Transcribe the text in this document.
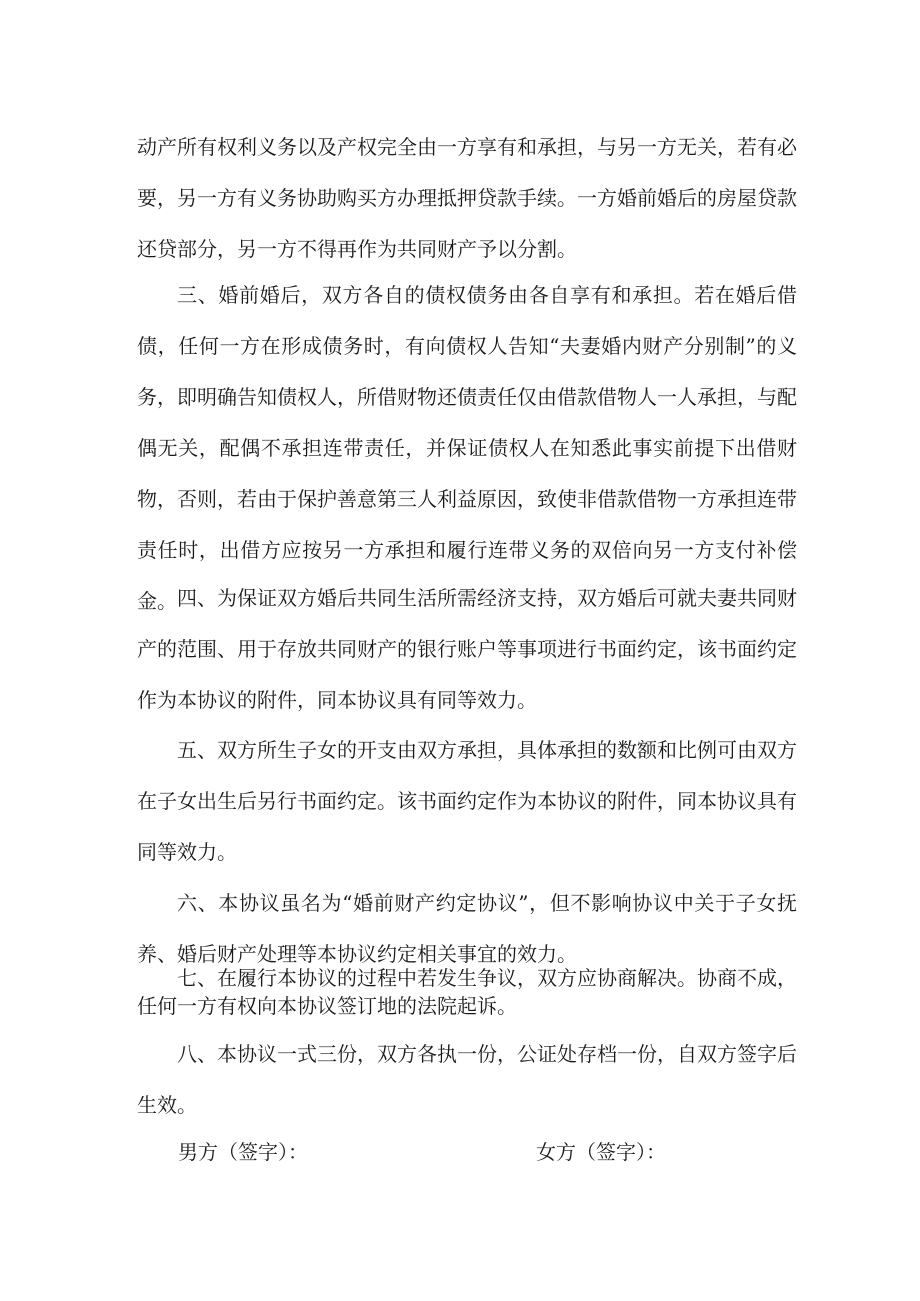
动产所有权利义务以及产权完全由一方享有和承担，与另一方无关，若有必要，另一方有义务协助购买方办理抵押贷款手续。一方婚前婚后的房屋贷款还贷部分，另一方不得再作为共同财产予以分割。

三、婚前婚后，双方各自的债权债务由各自享有和承担。若在婚后借债，任何一方在形成债务时，有向债权人告知“夫妻婚内财产分别制”的义务，即明确告知债权人，所借财物还债责任仅由借款借物人一人承担，与配偶无关，配偶不承担连带责任，并保证债权人在知悉此事实前提下出借财物，否则，若由于保护善意第三人利益原因，致使非借款借物一方承担连带责任时，出借方应按另一方承担和履行连带义务的双倍向另一方支付补偿金。 四、为保证双方婚后共同生活所需经济支持，双方婚后可就夫妻共同财产的范围、用于存放共同财产的银行账户等事项进行书面约定，该书面约定作为本协议的附件，同本协议具有同等效力。

五、双方所生子女的开支由双方承担，具体承担的数额和比例可由双方在子女出生后另行书面约定。该书面约定作为本协议的附件，同本协议具有同等效力。

六、本协议虽名为“婚前财产约定协议”，但不影响协议中关于子女抚养、婚后财产处理等本协议约定相关事宜的效力。

七、在履行本协议的过程中若发生争议，双方应协商解决。协商不成，任何一方有权向本协议签订地的法院起诉。

八、本协议一式三份，双方各执一份，公证处存档一份，自双方签字后生效。

男方（签字）：	女方（签字）：
